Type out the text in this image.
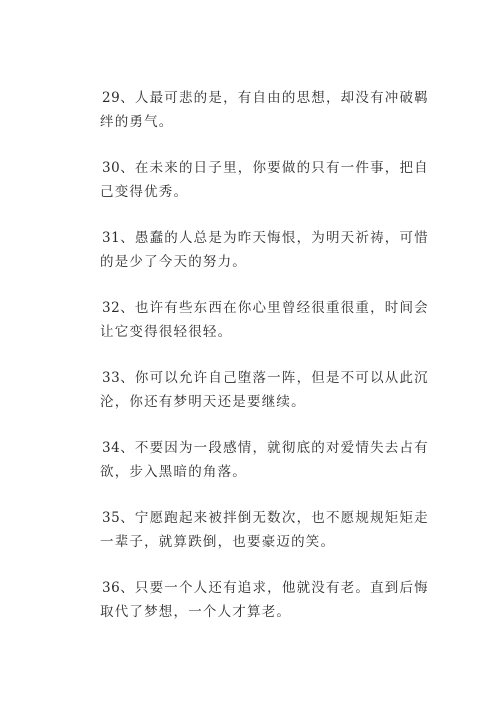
29、人最可悲的是，有自由的思想，却没有冲破羁绊的勇气。

30、在未来的日子里，你要做的只有一件事，把自己变得优秀。

31、愚蠢的人总是为昨天悔恨，为明天祈祷，可惜的是少了今天的努力。

32、也许有些东西在你心里曾经很重很重，时间会让它变得很轻很轻。

33、你可以允许自己堕落一阵，但是不可以从此沉沦，你还有梦明天还是要继续。

34、不要因为一段感情，就彻底的对爱情失去占有欲，步入黑暗的角落。

35、宁愿跑起来被拌倒无数次，也不愿规规矩矩走一辈子，就算跌倒，也要豪迈的笑。

36、只要一个人还有追求，他就没有老。直到后悔取代了梦想，一个人才算老。
